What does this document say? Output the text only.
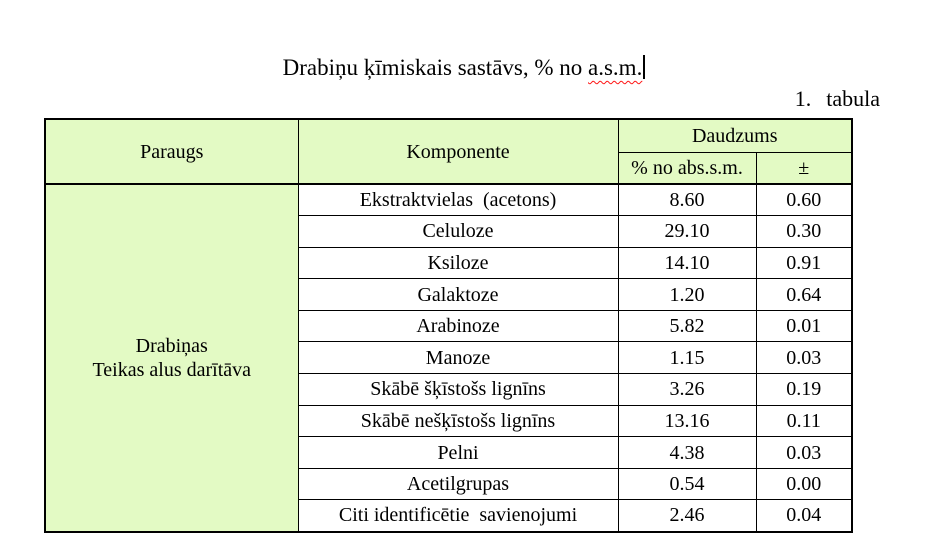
Drabiņu ķīmiskais sastāvs, % no a.s.m.
1. tabula
Paraugs	Komponente	Daudzums	
		% no abs.s.m.	±

Drabiņas
Teikas alus darītāva	Ekstraktvielas  (acetons)	8.60	0.60
	Celuloze	29.10	0.30
	Ksiloze	14.10	0.91
	Galaktoze	1.20	0.64
	Arabinoze	5.82	0.01
	Manoze	1.15	0.03
	Skābē šķīstošs lignīns	3.26	0.19
	Skābē nešķīstošs lignīns	13.16	0.11
	Pelni	4.38	0.03
	Acetilgrupas	0.54	0.00
	Citi identificētie  savienojumi	2.46	0.04
